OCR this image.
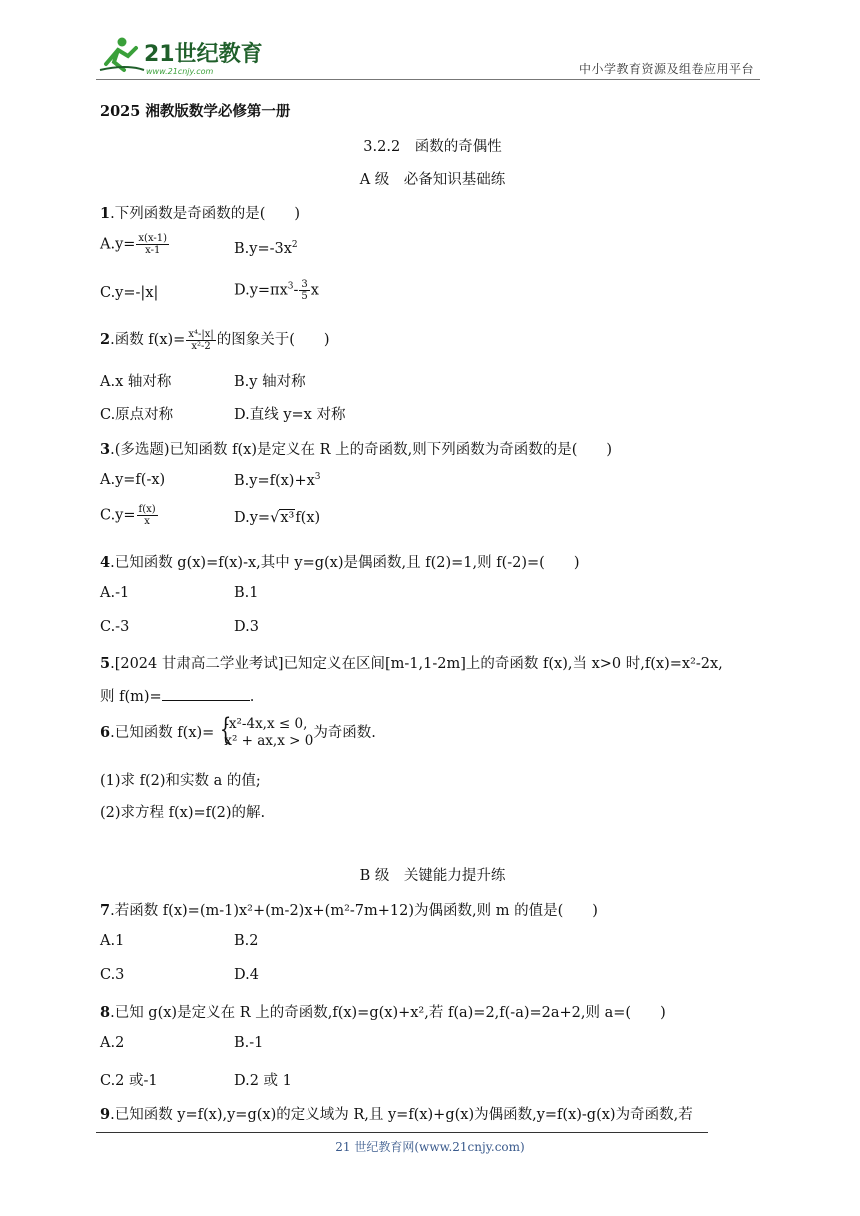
21世纪教育
www.21cnjy.com	中小学教育资源及组卷应用平台
2025 湘教版数学必修第一册
3.2.2　函数的奇偶性
A 级　必备知识基础练
1.下列函数是奇函数的是(　　)
$A.y= \frac{x(x-1)}{x-1}$	$B.y=-3x^2$
C.y=-|x|	$D.y=\pi x^3- \frac{3}{5}$ x
2.函数 $f(x)= \frac{\text{x⁴-|x|}}{\text{x²-2}}$ 的图象关于(　　)
A.x 轴对称	B.y 轴对称
C.原点对称	D.直线 y=x 对称
3.(多选题)已知函数 f(x)是定义在 R 上的奇函数,则下列函数为奇函数的是(　　)
A.y=f(-x)	$B.y=f(x)+x^3$
$C.y= \frac{f(x)}{x}$	D.y=√x³f(x)
4.已知函数 g(x)=f(x)-x,其中 y=g(x)是偶函数,且 f(2)=1,则 f(-2)=(　　)
A.-1	B.1
C.-3	D.3
5.[2024 甘肃高二学业考试]已知定义在区间[m-1,1-2m]上的奇函数 f(x),当 x>0 时,f(x)=x²-2x,
则 f(m)=	.
6.已知函数 f(x)= {
-x²-4x,x ≤ 0,
x² + ax,x > 0 为奇函数.
(1)求 f(2)和实数 a 的值;
(2)求方程 f(x)=f(2)的解.
B 级　关键能力提升练
7.若函数 f(x)=(m-1)x²+(m-2)x+(m²-7m+12)为偶函数,则 m 的值是(　　)
A.1	B.2
C.3	D.4
8.已知 g(x)是定义在 R 上的奇函数,f(x)=g(x)+x²,若 f(a)=2,f(-a)=2a+2,则 a=(　　)
A.2	B.-1
C.2 或-1	D.2 或 1
9.已知函数 y=f(x),y=g(x)的定义域为 R,且 y=f(x)+g(x)为偶函数,y=f(x)-g(x)为奇函数,若
21 世纪教育网(www.21cnjy.com)
